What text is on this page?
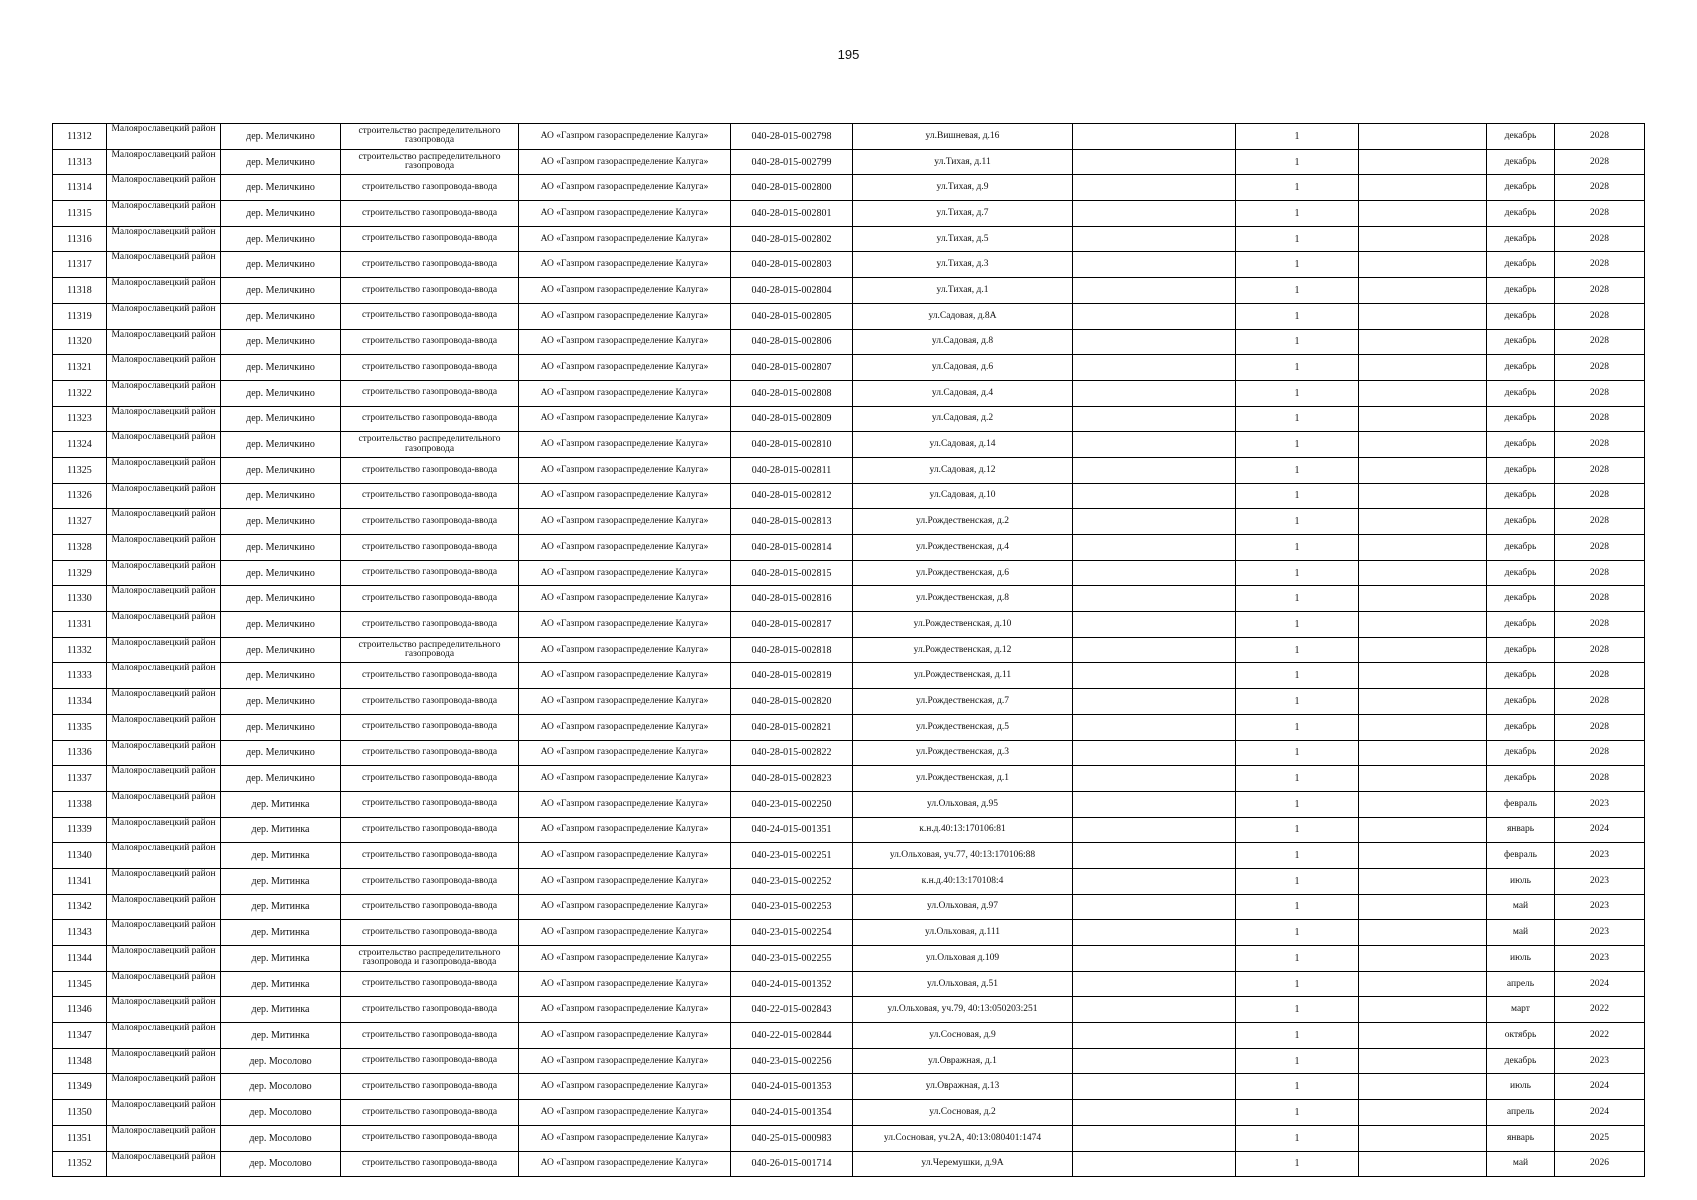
195
11312	Малоярославецкий район	дер. Меличкино	строительство распределительного газопровода	АО «Газпром газораспределение Калуга»	040-28-015-002798	ул.Вишневая, д.16		1		декабрь	2028
11313	Малоярославецкий район	дер. Меличкино	строительство распределительного газопровода	АО «Газпром газораспределение Калуга»	040-28-015-002799	ул.Тихая, д.11		1		декабрь	2028
11314	Малоярославецкий район	дер. Меличкино	строительство газопровода-ввода	АО «Газпром газораспределение Калуга»	040-28-015-002800	ул.Тихая, д.9		1		декабрь	2028
11315	Малоярославецкий район	дер. Меличкино	строительство газопровода-ввода	АО «Газпром газораспределение Калуга»	040-28-015-002801	ул.Тихая, д.7		1		декабрь	2028
11316	Малоярославецкий район	дер. Меличкино	строительство газопровода-ввода	АО «Газпром газораспределение Калуга»	040-28-015-002802	ул.Тихая, д.5		1		декабрь	2028
11317	Малоярославецкий район	дер. Меличкино	строительство газопровода-ввода	АО «Газпром газораспределение Калуга»	040-28-015-002803	ул.Тихая, д.3		1		декабрь	2028
11318	Малоярославецкий район	дер. Меличкино	строительство газопровода-ввода	АО «Газпром газораспределение Калуга»	040-28-015-002804	ул.Тихая, д.1		1		декабрь	2028
11319	Малоярославецкий район	дер. Меличкино	строительство газопровода-ввода	АО «Газпром газораспределение Калуга»	040-28-015-002805	ул.Садовая, д.8А		1		декабрь	2028
11320	Малоярославецкий район	дер. Меличкино	строительство газопровода-ввода	АО «Газпром газораспределение Калуга»	040-28-015-002806	ул.Садовая, д.8		1		декабрь	2028
11321	Малоярославецкий район	дер. Меличкино	строительство газопровода-ввода	АО «Газпром газораспределение Калуга»	040-28-015-002807	ул.Садовая, д.6		1		декабрь	2028
11322	Малоярославецкий район	дер. Меличкино	строительство газопровода-ввода	АО «Газпром газораспределение Калуга»	040-28-015-002808	ул.Садовая, д.4		1		декабрь	2028
11323	Малоярославецкий район	дер. Меличкино	строительство газопровода-ввода	АО «Газпром газораспределение Калуга»	040-28-015-002809	ул.Садовая, д.2		1		декабрь	2028
11324	Малоярославецкий район	дер. Меличкино	строительство распределительного газопровода	АО «Газпром газораспределение Калуга»	040-28-015-002810	ул.Садовая, д.14		1		декабрь	2028
11325	Малоярославецкий район	дер. Меличкино	строительство газопровода-ввода	АО «Газпром газораспределение Калуга»	040-28-015-002811	ул.Садовая, д.12		1		декабрь	2028
11326	Малоярославецкий район	дер. Меличкино	строительство газопровода-ввода	АО «Газпром газораспределение Калуга»	040-28-015-002812	ул.Садовая, д.10		1		декабрь	2028
11327	Малоярославецкий район	дер. Меличкино	строительство газопровода-ввода	АО «Газпром газораспределение Калуга»	040-28-015-002813	ул.Рождественская, д.2		1		декабрь	2028
11328	Малоярославецкий район	дер. Меличкино	строительство газопровода-ввода	АО «Газпром газораспределение Калуга»	040-28-015-002814	ул.Рождественская, д.4		1		декабрь	2028
11329	Малоярославецкий район	дер. Меличкино	строительство газопровода-ввода	АО «Газпром газораспределение Калуга»	040-28-015-002815	ул.Рождественская, д.6		1		декабрь	2028
11330	Малоярославецкий район	дер. Меличкино	строительство газопровода-ввода	АО «Газпром газораспределение Калуга»	040-28-015-002816	ул.Рождественская, д.8		1		декабрь	2028
11331	Малоярославецкий район	дер. Меличкино	строительство газопровода-ввода	АО «Газпром газораспределение Калуга»	040-28-015-002817	ул.Рождественская, д.10		1		декабрь	2028
11332	Малоярославецкий район	дер. Меличкино	строительство распределительного газопровода	АО «Газпром газораспределение Калуга»	040-28-015-002818	ул.Рождественская, д.12		1		декабрь	2028
11333	Малоярославецкий район	дер. Меличкино	строительство газопровода-ввода	АО «Газпром газораспределение Калуга»	040-28-015-002819	ул.Рождественская, д.11		1		декабрь	2028
11334	Малоярославецкий район	дер. Меличкино	строительство газопровода-ввода	АО «Газпром газораспределение Калуга»	040-28-015-002820	ул.Рождественская, д.7		1		декабрь	2028
11335	Малоярославецкий район	дер. Меличкино	строительство газопровода-ввода	АО «Газпром газораспределение Калуга»	040-28-015-002821	ул.Рождественская, д.5		1		декабрь	2028
11336	Малоярославецкий район	дер. Меличкино	строительство газопровода-ввода	АО «Газпром газораспределение Калуга»	040-28-015-002822	ул.Рождественская, д.3		1		декабрь	2028
11337	Малоярославецкий район	дер. Меличкино	строительство газопровода-ввода	АО «Газпром газораспределение Калуга»	040-28-015-002823	ул.Рождественская, д.1		1		декабрь	2028
11338	Малоярославецкий район	дер. Митинка	строительство газопровода-ввода	АО «Газпром газораспределение Калуга»	040-23-015-002250	ул.Ольховая, д.95		1		февраль	2023
11339	Малоярославецкий район	дер. Митинка	строительство газопровода-ввода	АО «Газпром газораспределение Калуга»	040-24-015-001351	к.н.д.40:13:170106:81		1		январь	2024
11340	Малоярославецкий район	дер. Митинка	строительство газопровода-ввода	АО «Газпром газораспределение Калуга»	040-23-015-002251	ул.Ольховая, уч.77, 40:13:170106:88		1		февраль	2023
11341	Малоярославецкий район	дер. Митинка	строительство газопровода-ввода	АО «Газпром газораспределение Калуга»	040-23-015-002252	к.н.д.40:13:170108:4		1		июль	2023
11342	Малоярославецкий район	дер. Митинка	строительство газопровода-ввода	АО «Газпром газораспределение Калуга»	040-23-015-002253	ул.Ольховая, д.97		1		май	2023
11343	Малоярославецкий район	дер. Митинка	строительство газопровода-ввода	АО «Газпром газораспределение Калуга»	040-23-015-002254	ул.Ольховая, д.111		1		май	2023
11344	Малоярославецкий район	дер. Митинка	строительство распределительного газопровода и газопровода-ввода	АО «Газпром газораспределение Калуга»	040-23-015-002255	ул.Ольховая д.109		1		июль	2023
11345	Малоярославецкий район	дер. Митинка	строительство газопровода-ввода	АО «Газпром газораспределение Калуга»	040-24-015-001352	ул.Ольховая, д.51		1		апрель	2024
11346	Малоярославецкий район	дер. Митинка	строительство газопровода-ввода	АО «Газпром газораспределение Калуга»	040-22-015-002843	ул.Ольховая, уч.79, 40:13:050203:251		1		март	2022
11347	Малоярославецкий район	дер. Митинка	строительство газопровода-ввода	АО «Газпром газораспределение Калуга»	040-22-015-002844	ул.Сосновая, д.9		1		октябрь	2022
11348	Малоярославецкий район	дер. Мосолово	строительство газопровода-ввода	АО «Газпром газораспределение Калуга»	040-23-015-002256	ул.Овражная, д.1		1		декабрь	2023
11349	Малоярославецкий район	дер. Мосолово	строительство газопровода-ввода	АО «Газпром газораспределение Калуга»	040-24-015-001353	ул.Овражная, д.13		1		июль	2024
11350	Малоярославецкий район	дер. Мосолово	строительство газопровода-ввода	АО «Газпром газораспределение Калуга»	040-24-015-001354	ул.Сосновая, д.2		1		апрель	2024
11351	Малоярославецкий район	дер. Мосолово	строительство газопровода-ввода	АО «Газпром газораспределение Калуга»	040-25-015-000983	ул.Сосновая, уч.2А, 40:13:080401:1474		1		январь	2025
11352	Малоярославецкий район	дер. Мосолово	строительство газопровода-ввода	АО «Газпром газораспределение Калуга»	040-26-015-001714	ул.Черемушки, д.9А		1		май	2026
